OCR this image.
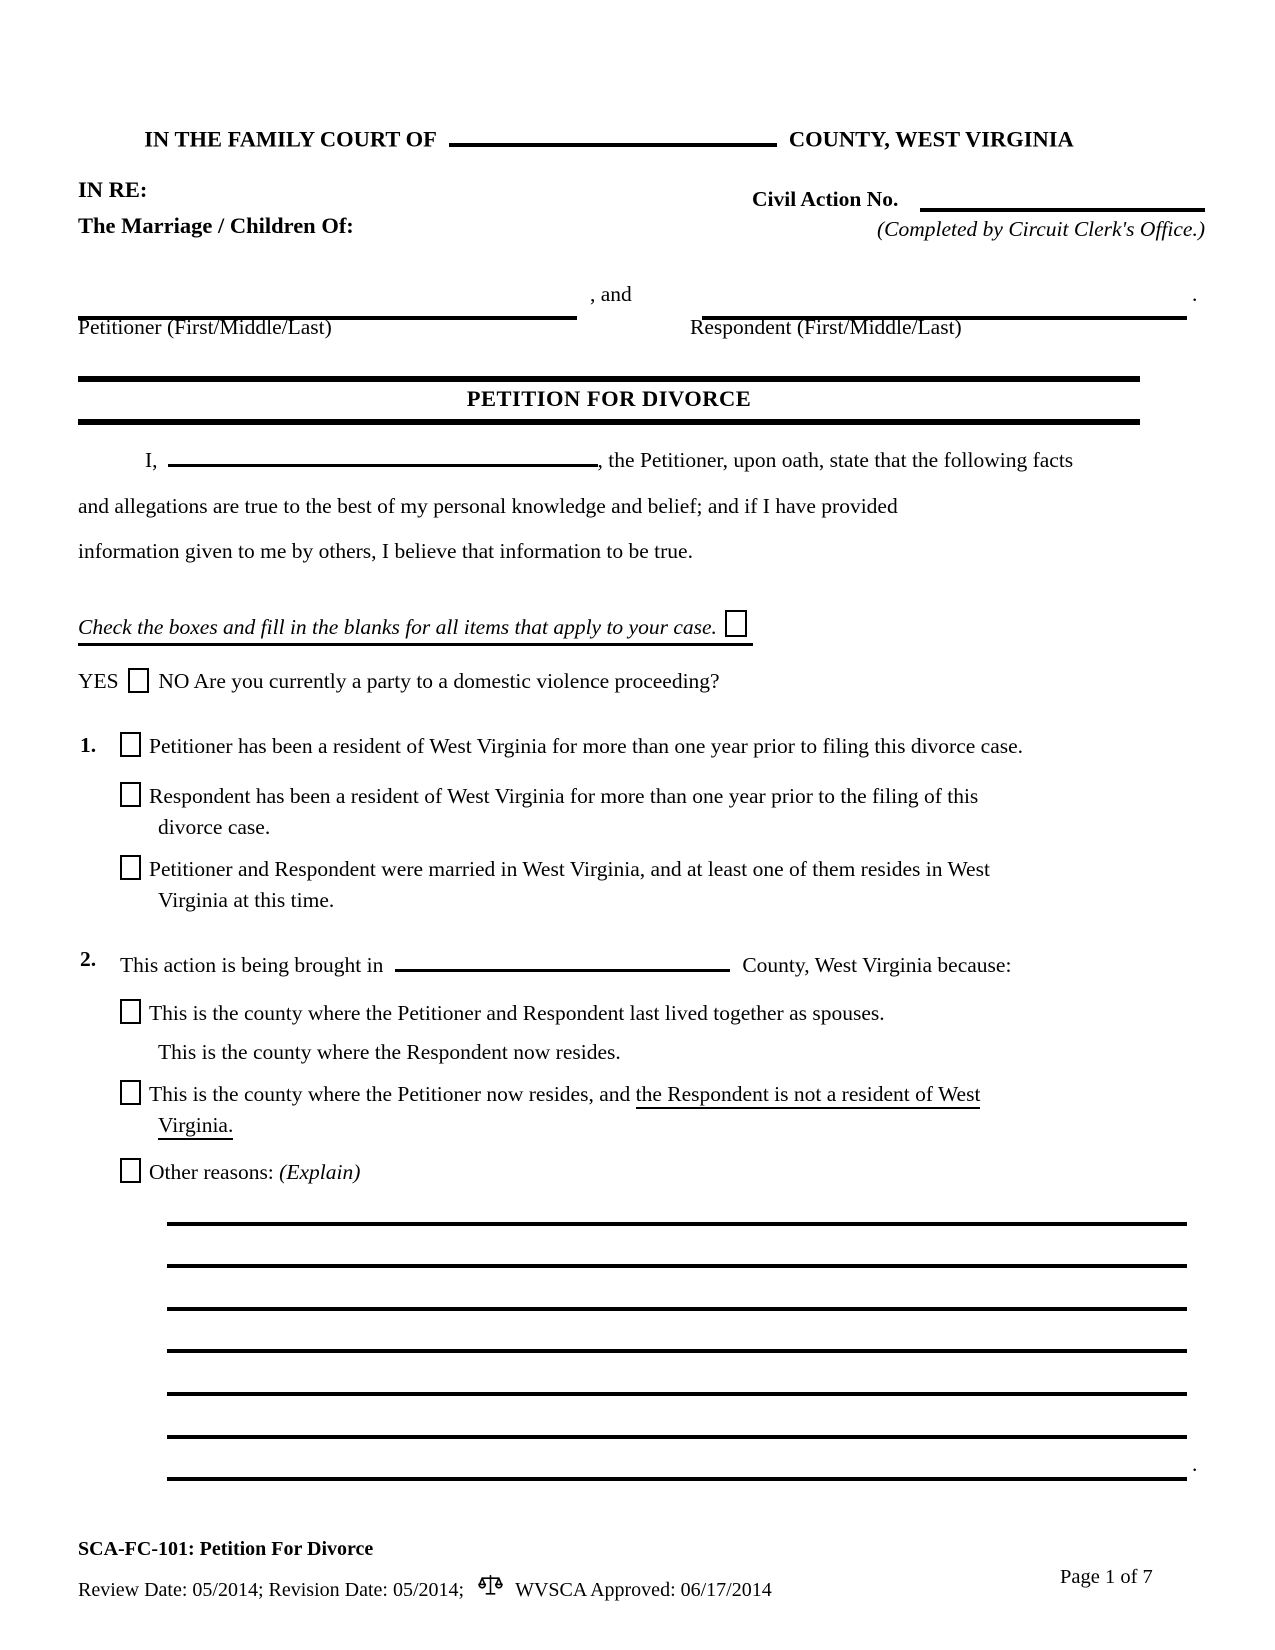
IN THE FAMILY COURT OF	COUNTY, WEST VIRGINIA
IN RE:
The Marriage / Children Of:
Civil Action No.
(Completed by Circuit Clerk's Office.)
, and	.
Petitioner (First/Middle/Last)	Respondent (First/Middle/Last)
PETITION FOR DIVORCE
I,	, the Petitioner, upon oath, state that the following facts
and allegations are true to the best of my personal knowledge and belief; and if I have provided
information given to me by others, I believe that information to be true.
Check the boxes and fill in the blanks for all items that apply to your case.
YES NO Are you currently a party to a domestic violence proceeding?
1. Petitioner has been a resident of West Virginia for more than one year prior to filing this divorce case.
Respondent has been a resident of West Virginia for more than one year prior to the filing of this
divorce case.
Petitioner and Respondent were married in West Virginia, and at least one of them resides in West
Virginia at this time.
2. This action is being brought in	County, West Virginia because:
This is the county where the Petitioner and Respondent last lived together as spouses.
This is the county where the Respondent now resides.
This is the county where the Petitioner now resides, and the Respondent is not a resident of West
Virginia.
Other reasons: (Explain)
.
SCA-FC-101: Petition For Divorce
Review Date: 05/2014; Revision Date: 05/2014;	WVSCA Approved: 06/17/2014
Page 1 of 7
